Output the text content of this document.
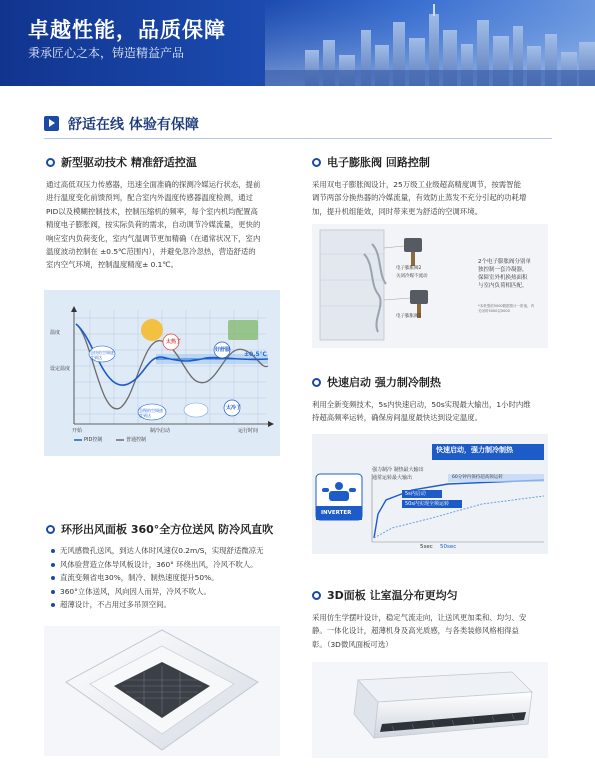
卓越性能，品质保障
秉承匠心之本，铸造精益产品
舒适在线 体验有保障
新型驱动技术 精准舒适控温
通过高低双压力传感器，迅速全面准确的探测冷媒运行状态，提前
进行温度变化前馈预判，配合室内外温度传感器温度检测，通过
PID以及模糊控制技术，控制压缩机的频率，每个室内机均配置高
精度电子膨胀阀，按实际负荷的需求，自动调节冷媒流量，更快的
响应室内负荷变化，室内气温调节更加精确（在通常状况下，室内
温度波动控制在 ±0.5℃范围内），并避免忽冷忽热，营造舒适的
室内空气环境，控制温度精度± 0.1℃。
温度
设定温度
急快的空调速度到达
急慢的空调速度到达
太热了
好舒服
太冷了
±0.5℃
开始	制冷启动	运行时间
PID控制	普通控制
环形出风面板 360°全方位送风 防冷风直吹
无风感微孔送风，到达人体时风速仅0.2m/S，实现舒适微凉无
风体验营造立体导风板设计，360° 环绕出风，冷风不吹人。
直流变频省电30%，制冷、制热速度提升50%。
360°立体送风，风向因人而异，冷风不吹人。
超薄设计，不占用过多吊顶空间。
电子膨胀阀 回路控制
采用双电子膨胀阀设计，25万级工业级超高精度调节，按需智能
调节两部分换热器的冷媒流量，有效防止蒸发不充分引起的功耗增
加，提升机组能效，同时带来更为舒适的空调环境。
电子膨胀阀2
关闭冷媒不流动
电子膨胀阀1
2个电子膨胀阀分别单
独控制一套冷凝器，
保障室外机换热面积
与室内负荷相匹配。
*本机型依5000数据预计一阶值，内
关闭时5000以5000
快速启动 强力制冷制热
利用全新变频技术，5s内快速启动，50s实现最大输出，1小时内维
持超高频率运转，确保房间温度最快达到设定温度。
快速启动，强力制冷制热
INVERTER
强力制冷 制热最大输出
通常运转最大输出	60分钟内保持超高频运转
5s内启动
50s内实现全频运转
5sec 50sec
3D面板 让室温分布更均匀
采用仿生学摆叶设计，稳定气流走向，让送风更加柔和、均匀、安
静。一体化设计，超薄机身及高光质感，与各类装修风格相得益
彰。（3D微风面板可选）
